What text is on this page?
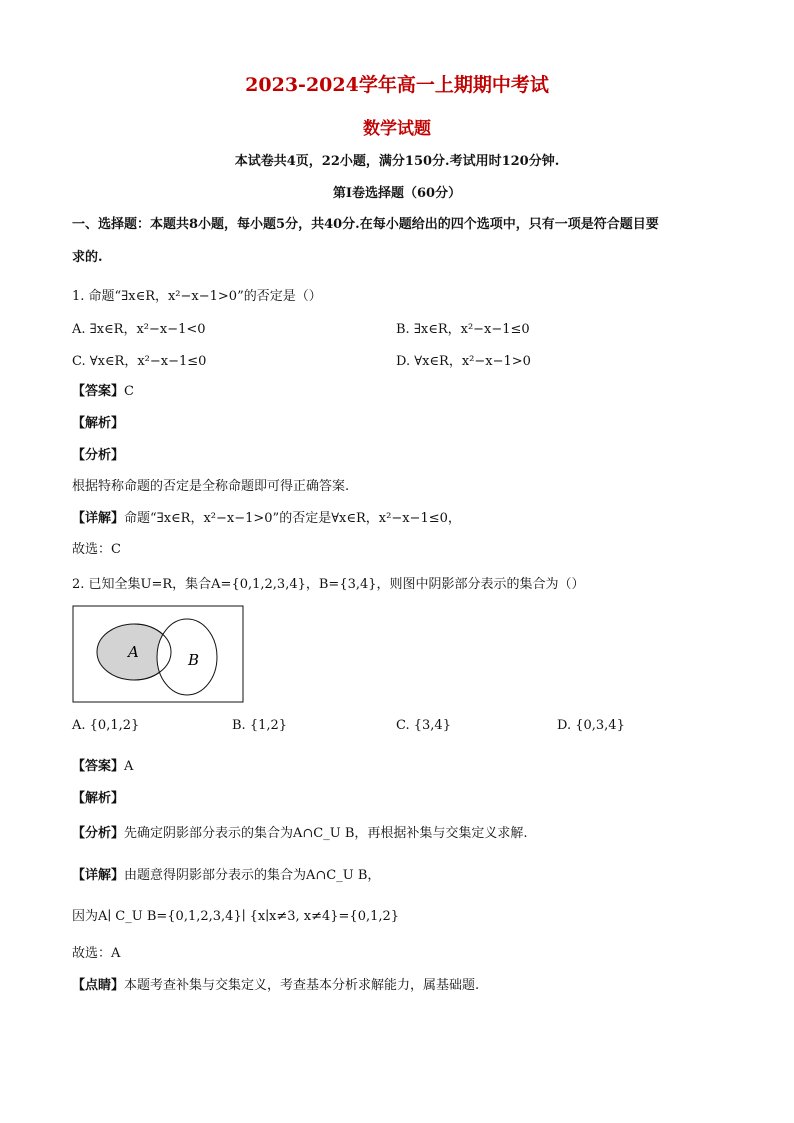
2023-2024学年高一上期期中考试
数学试题
本试卷共4页，22小题，满分150分.考试用时120分钟.
第I卷选择题（60分）
一、选择题：本题共8小题，每小题5分，共40分.在每小题给出的四个选项中，只有一项是符合题目要
求的.
1. 命题“∃x∈R，x²−x−1>0”的否定是（）
A. ∃x∈R，x²−x−1<0	B. ∃x∈R，x²−x−1≤0
C. ∀x∈R，x²−x−1≤0	D. ∀x∈R，x²−x−1>0
【答案】C
【解析】
【分析】
根据特称命题的否定是全称命题即可得正确答案.
【详解】命题“∃x∈R，x²−x−1>0”的否定是∀x∈R，x²−x−1≤0，
故选：C
2. 已知全集U=R，集合A={0,1,2,3,4}，B={3,4}，则图中阴影部分表示的集合为（）
A	B
A. {0,1,2}	B. {1,2}	C. {3,4}	D. {0,3,4}
【答案】A
【解析】
【分析】先确定阴影部分表示的集合为A∩C_U B，再根据补集与交集定义求解.
【详解】由题意得阴影部分表示的集合为A∩C_U B，
因为A∣ C_U B={0,1,2,3,4}∣ {x∣x≠3, x≠4}={0,1,2}
故选：A
【点睛】本题考查补集与交集定义，考查基本分析求解能力，属基础题.
